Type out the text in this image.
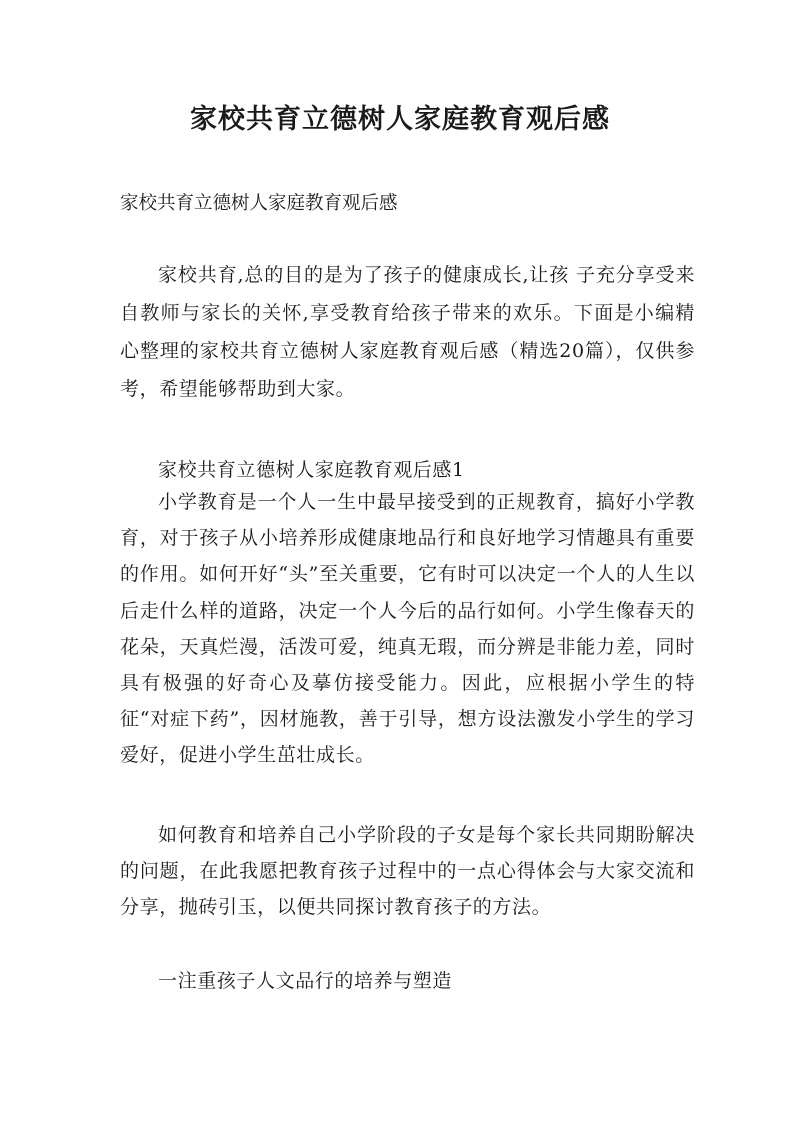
家校共育立德树人家庭教育观后感

家校共育立德树人家庭教育观后感

家校共育,总的目的是为了孩子的健康成长,让孩 子充分享受来自教师与家长的关怀,享受教育给孩子带来的欢乐。下面是小编精心整理的家校共育立德树人家庭教育观后感（精选20篇），仅供参考，希望能够帮助到大家。

家校共育立德树人家庭教育观后感1

小学教育是一个人一生中最早接受到的正规教育，搞好小学教育，对于孩子从小培养形成健康地品行和良好地学习情趣具有重要的作用。如何开好“头”至关重要，它有时可以决定一个人的人生以后走什么样的道路，决定一个人今后的品行如何。小学生像春天的花朵，天真烂漫，活泼可爱，纯真无瑕，而分辨是非能力差，同时具有极强的好奇心及摹仿接受能力。因此，应根据小学生的特征“对症下药”，因材施教，善于引导，想方设法激发小学生的学习爱好，促进小学生茁壮成长。

如何教育和培养自己小学阶段的子女是每个家长共同期盼解决的问题，在此我愿把教育孩子过程中的一点心得体会与大家交流和分享，抛砖引玉，以便共同探讨教育孩子的方法。

一注重孩子人文品行的培养与塑造
